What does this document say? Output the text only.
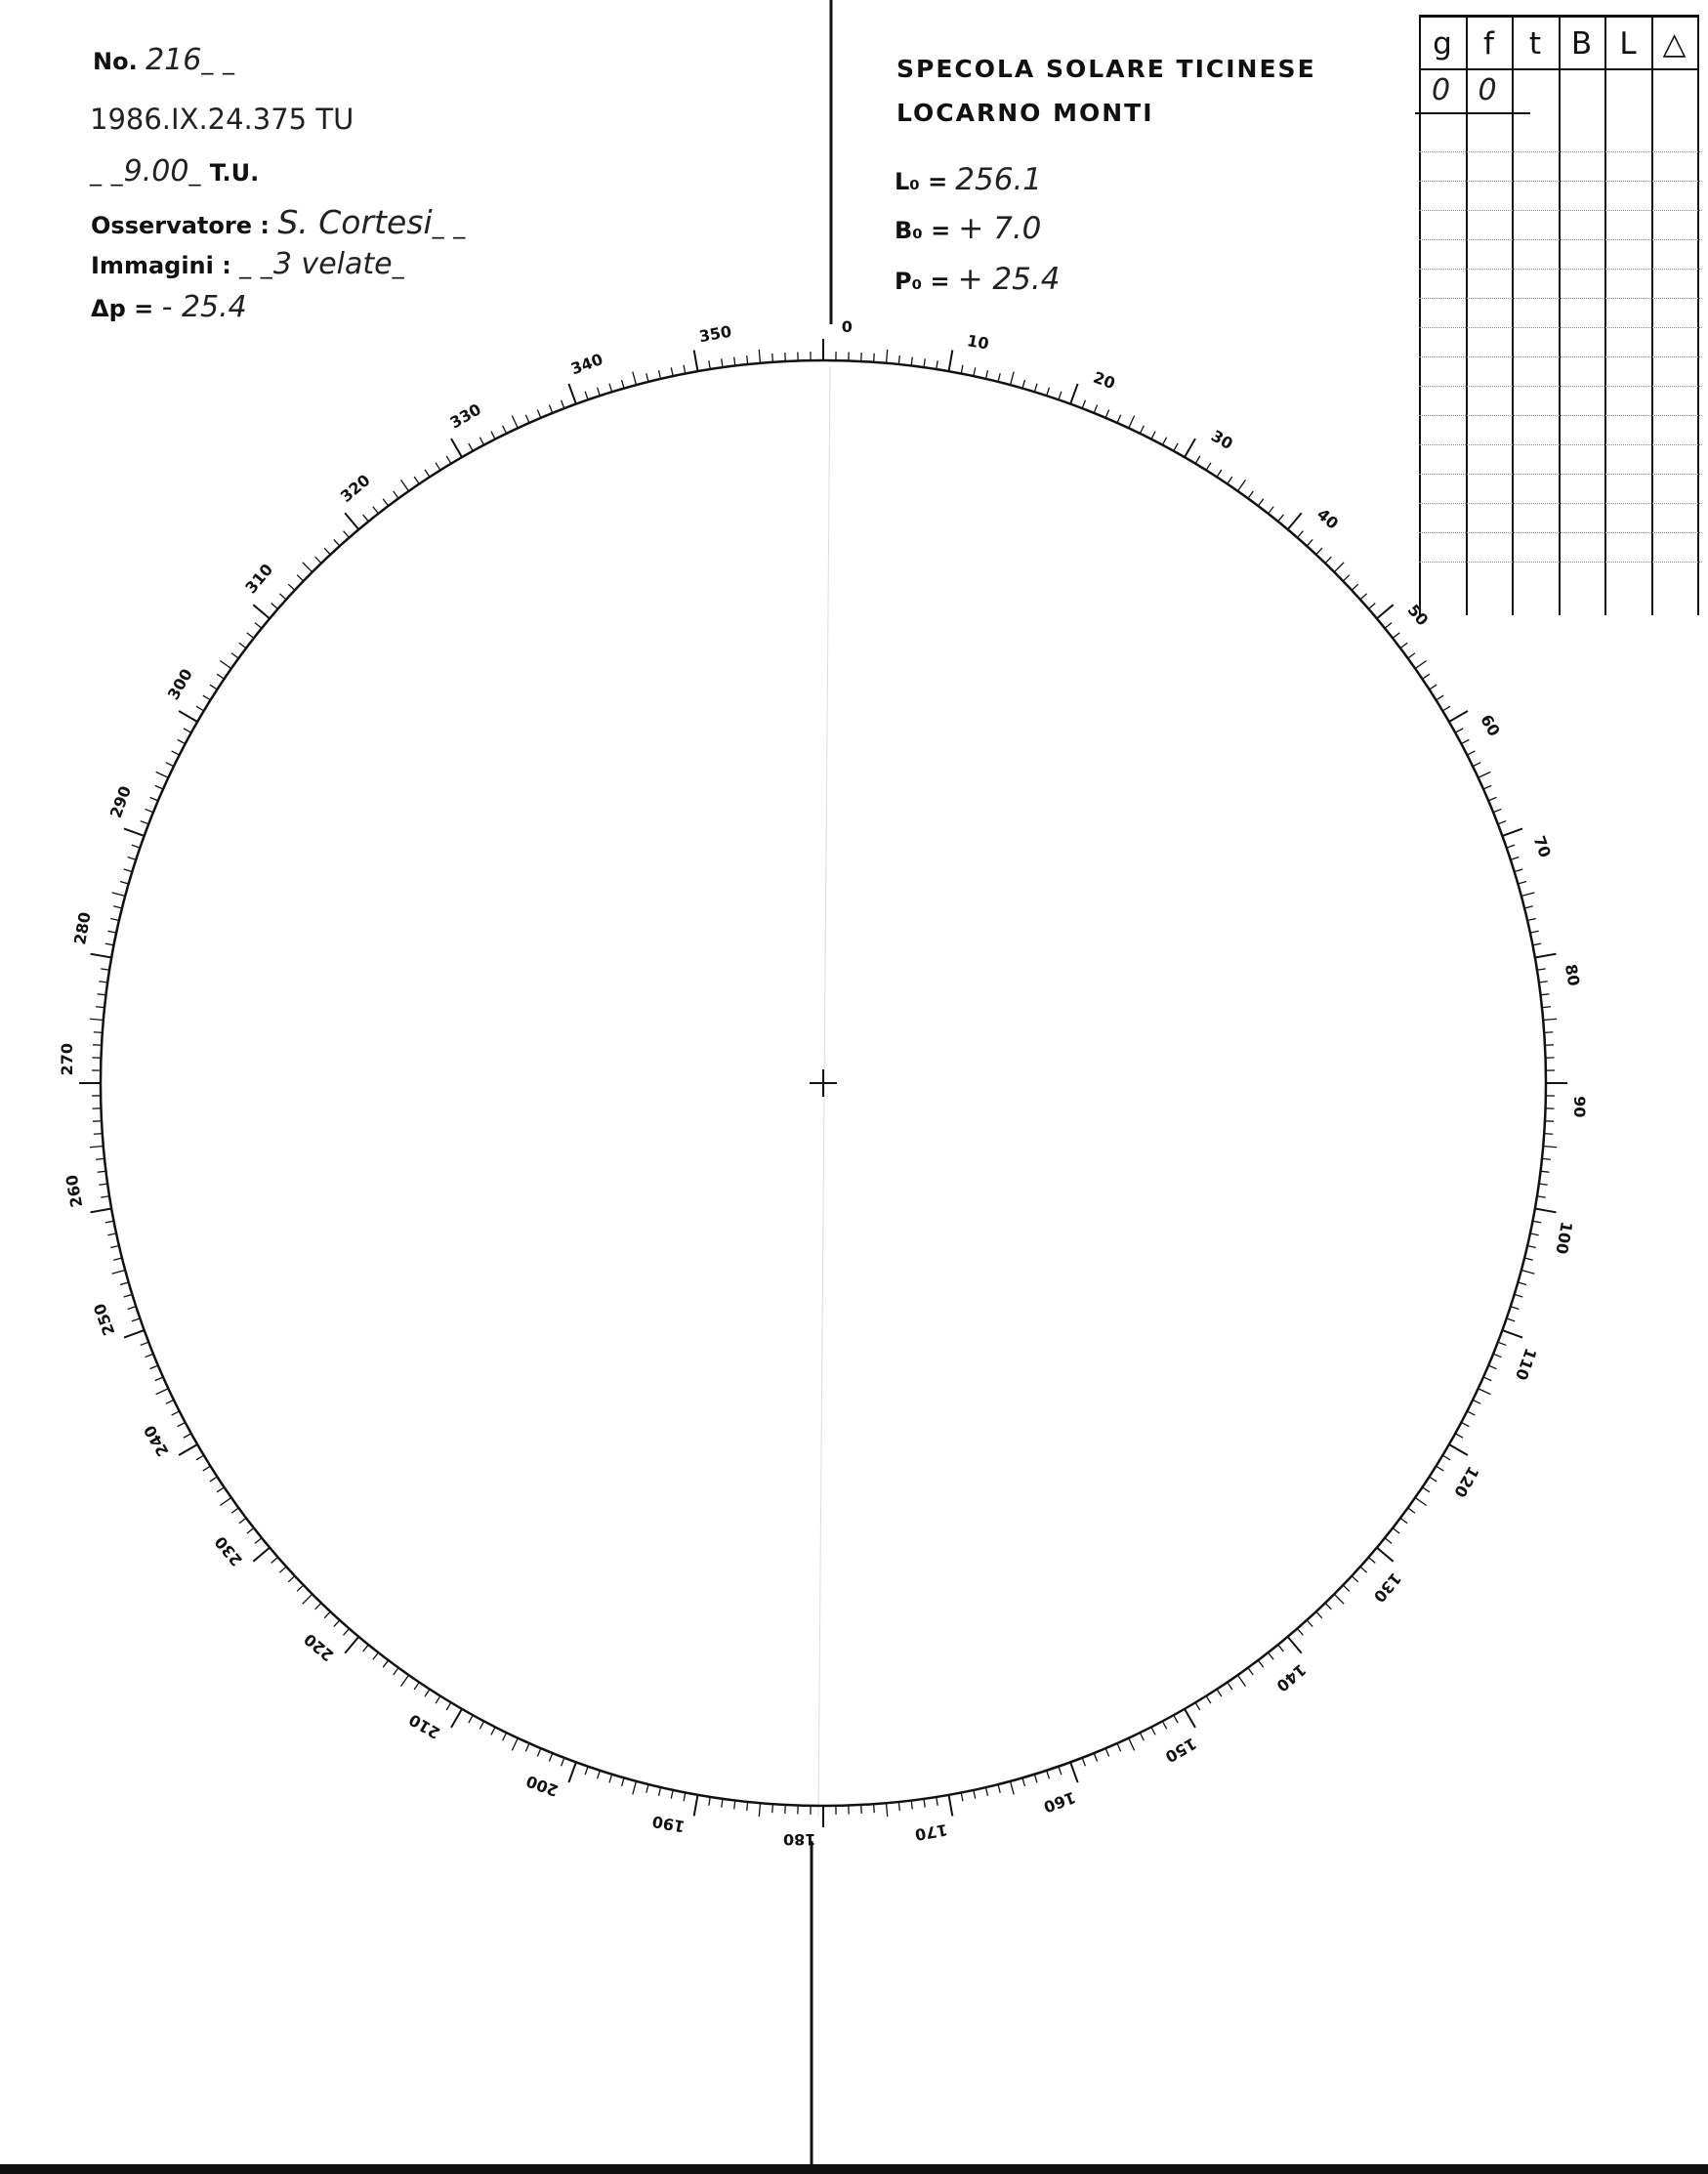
No. 216_ _
1986.IX.24.375 TU
_ _9.00_ T.U.
Osservatore : S. Cortesi_ _
Immagini : _ _3 velate_
Δp = - 25.4
SPECOLA SOLARE TICINESE
LOCARNO MONTI
L₀ = 256.1
B₀ = + 7.0
P₀ = + 25.4
g	f	t B L △
0 0
0
10
20
30
40
50
60
70
80
90
100
110
120
130
140
150
160
170
180
190
200
210
220
230
240
250
260
270
280
290
300
310
320
330
340
350
